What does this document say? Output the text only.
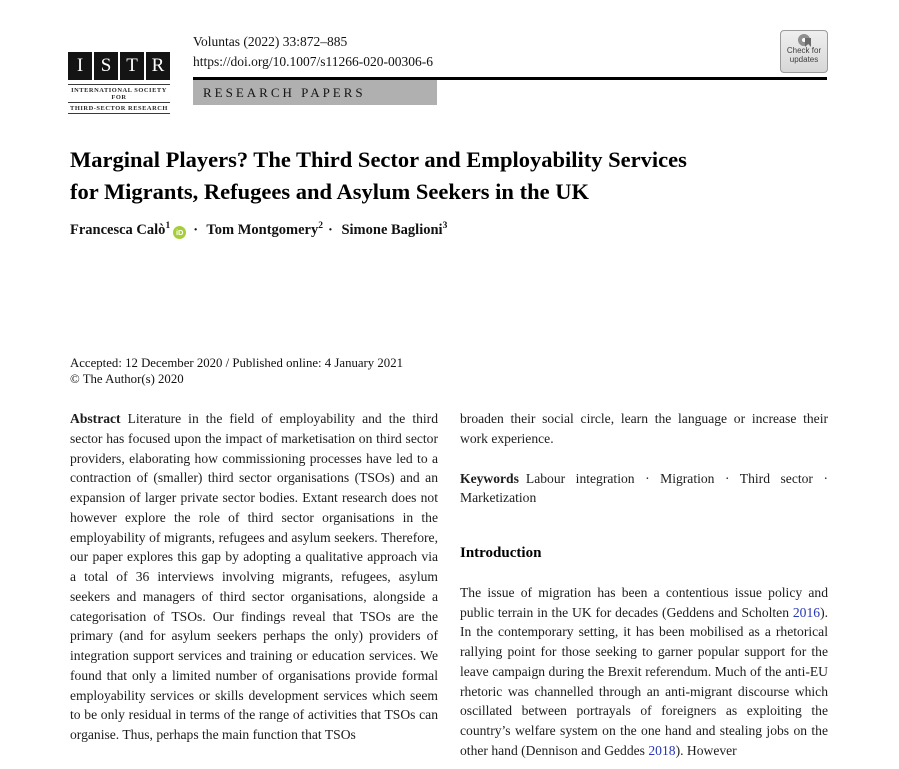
I S T R
INTERNATIONAL SOCIETY FOR
THIRD-SECTOR RESEARCH
Voluntas (2022) 33:872–885
https://doi.org/10.1007/s11266-020-00306-6
RESEARCH PAPERS
Check for
updates
Marginal Players? The Third Sector and Employability Services
for Migrants, Refugees and Asylum Seekers in the UK
Francesca Calò$^1$iD · Tom Montgomery$^2$ · Simone Baglioni$^3$
Accepted: 12 December 2020 / Published online: 4 January 2021
© The Author(s) 2020

Abstract Literature in the field of employability and the third sector has focused upon the impact of marketisation on third sector providers, elaborating how commissioning processes have led to a contraction of (smaller) third sector organisations (TSOs) and an expansion of larger private sector bodies. Extant research does not however explore the role of third sector organisations in the employability of migrants, refugees and asylum seekers. Therefore, our paper explores this gap by adopting a qualitative approach via a total of 36 interviews involving migrants, refugees, asylum seekers and managers of third sector organisations, alongside a categorisation of TSOs. Our findings reveal that TSOs are the primary (and for asylum seekers perhaps the only) providers of integration support services and training or education services. We found that only a limited number of organisations provide formal employability services or skills development services which seem to be only residual in terms of the range of activities that TSOs can organise. Thus, perhaps the main function that TSOs

broaden their social circle, learn the language or increase their work experience.

Keywords Labour integration · Migration · Third sector · Marketization

Introduction

The issue of migration has been a contentious issue policy and public terrain in the UK for decades (Geddens and Scholten 2016). In the contemporary setting, it has been mobilised as a rhetorical rallying point for those seeking to garner popular support for the leave campaign during the Brexit referendum. Much of the anti-EU rhetoric was channelled through an anti-migrant discourse which oscillated between portrayals of foreigners as exploiting the country’s welfare system on the one hand and stealing jobs on the other hand (Dennison and Geddes 2018). However
